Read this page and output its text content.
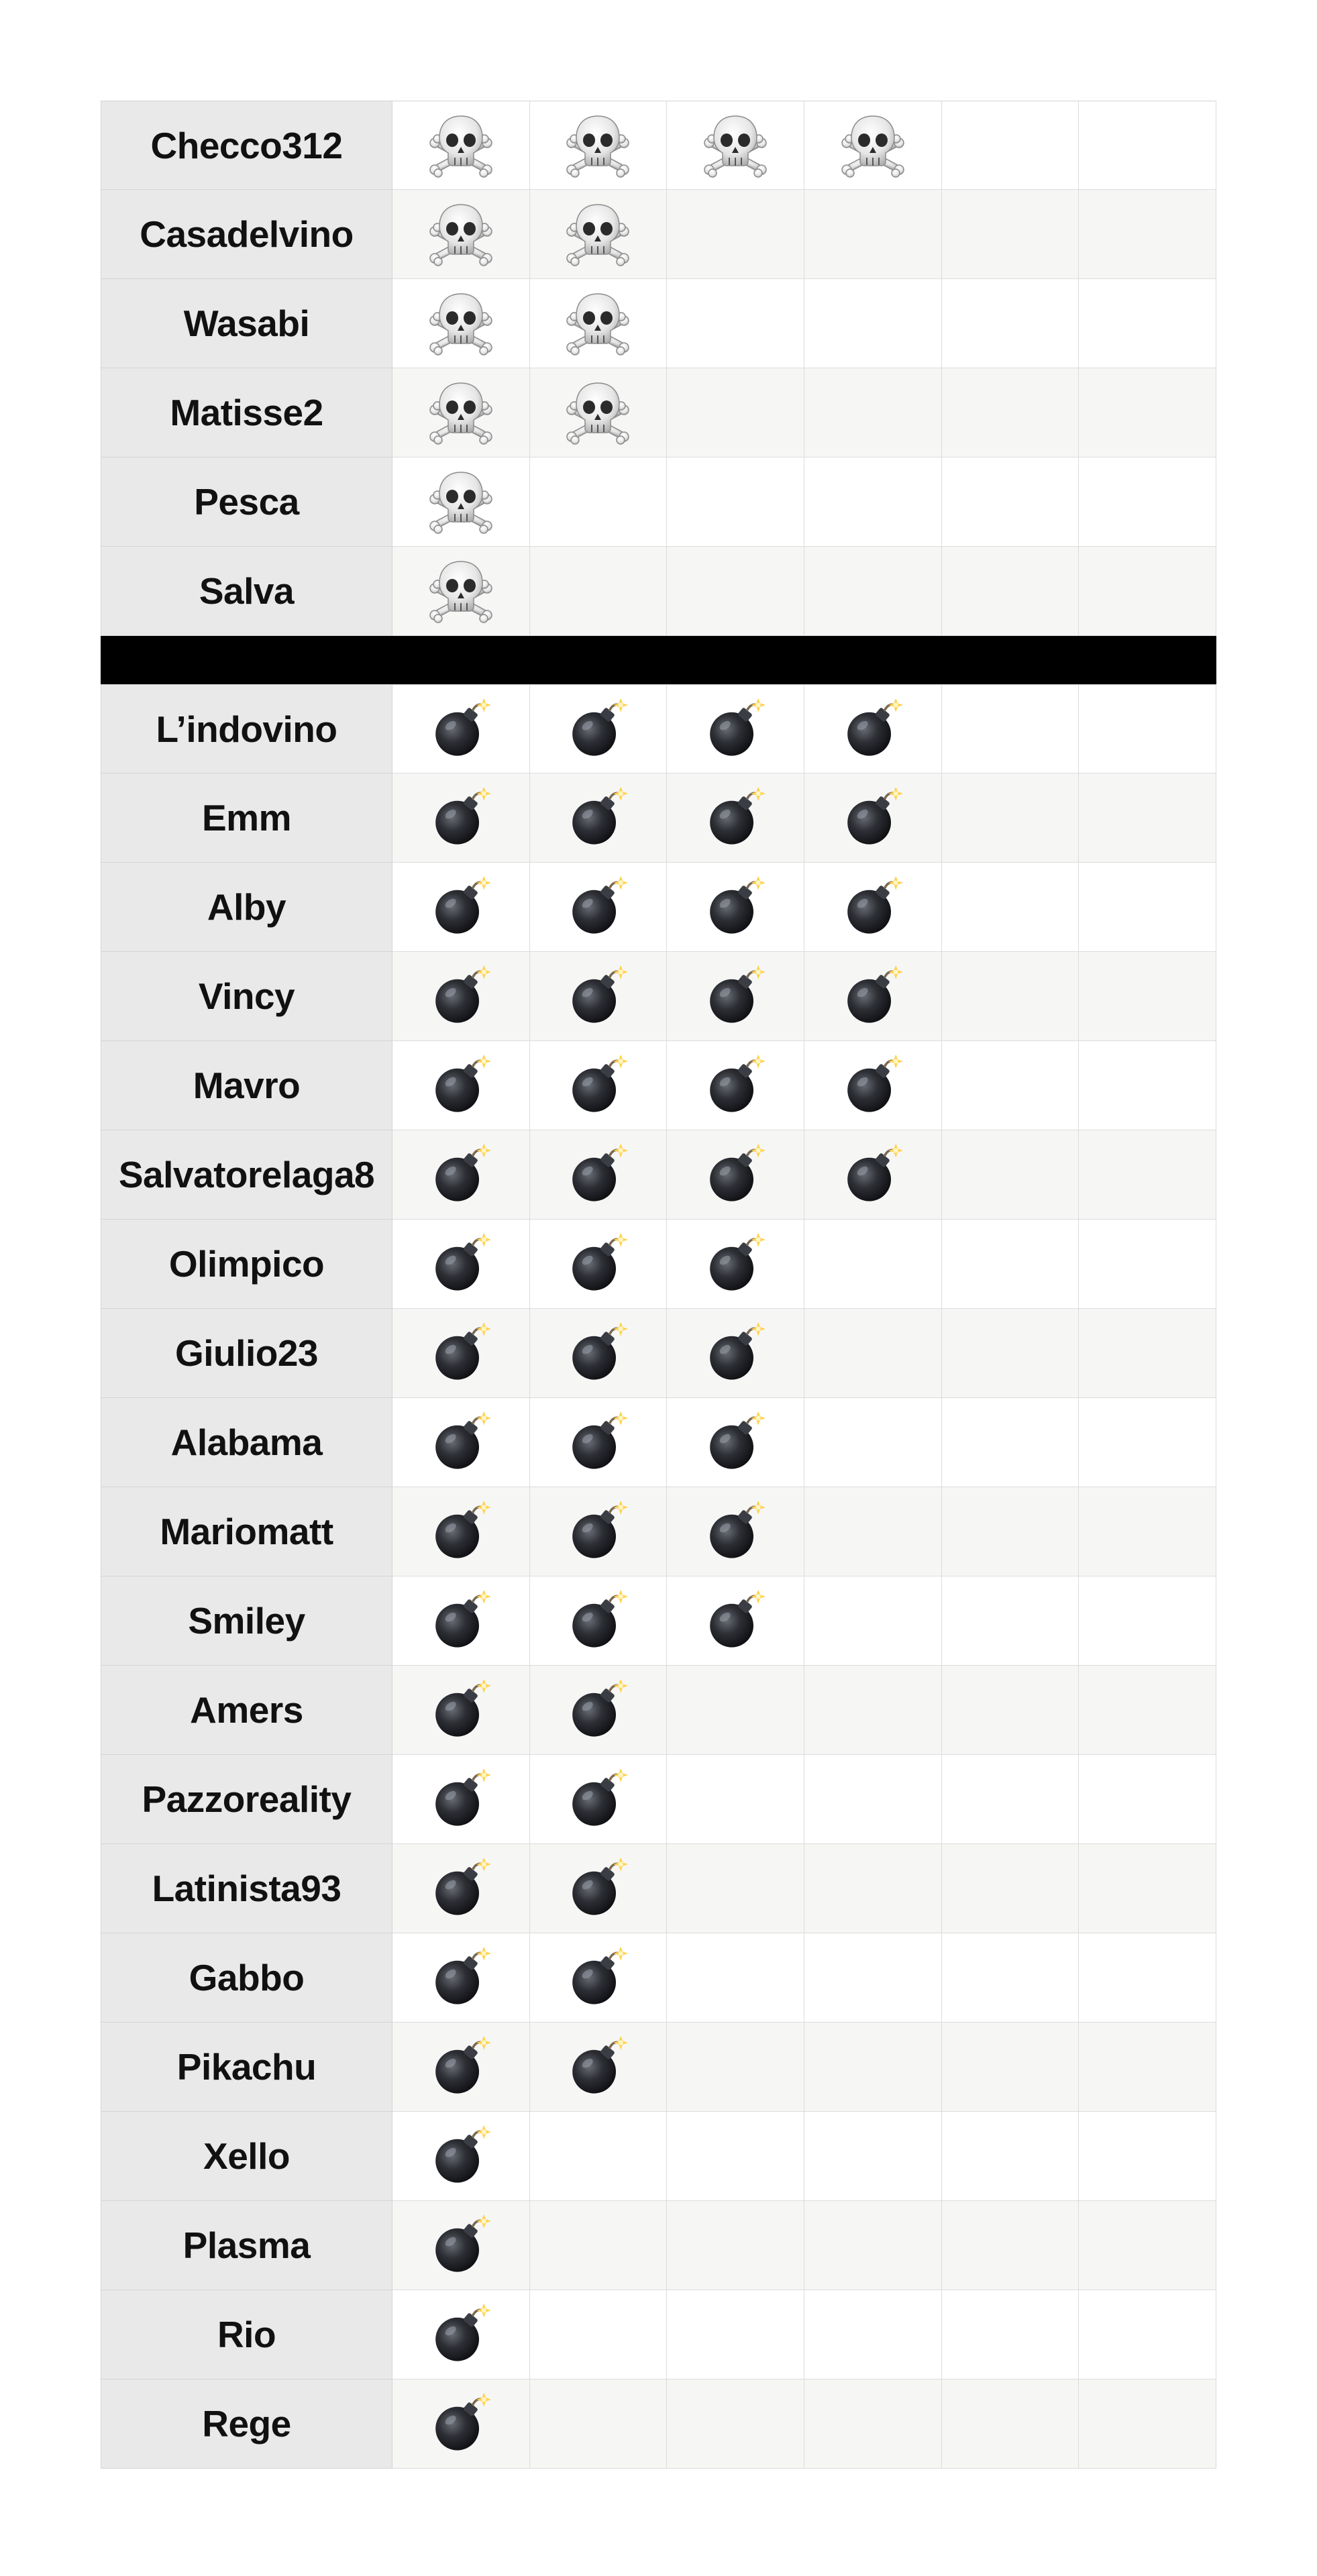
Checco312
Casadelvino
Wasabi
Matisse2
Pesca
Salva
L’indovino
Emm
Alby
Vincy
Mavro
Salvatorelaga8
Olimpico
Giulio23
Alabama
Mariomatt
Smiley
Amers
Pazzoreality
Latinista93
Gabbo
Pikachu
Xello
Plasma
Rio
Rege
